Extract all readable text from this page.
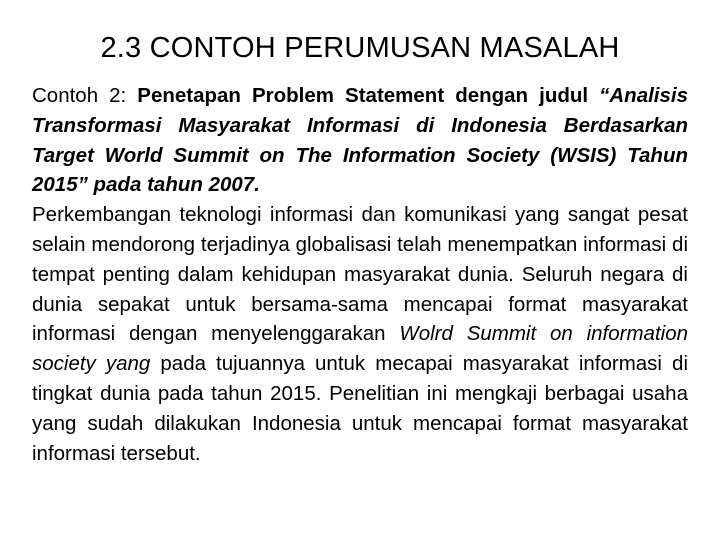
2.3 CONTOH PERUMUSAN MASALAH

Contoh 2: Penetapan Problem Statement dengan judul “Analisis Transformasi Masyarakat Informasi di Indonesia Berdasarkan Target World Summit on The Information Society (WSIS) Tahun 2015” pada tahun 2007.

Perkembangan teknologi informasi dan komunikasi yang sangat pesat selain mendorong terjadinya globalisasi telah menempatkan informasi di tempat penting dalam kehidupan masyarakat dunia. Seluruh negara di dunia sepakat untuk bersama-sama mencapai format masyarakat informasi dengan menyelenggarakan Wolrd Summit on information society yang pada tujuannya untuk mecapai masyarakat informasi di tingkat dunia pada tahun 2015. Penelitian ini mengkaji berbagai usaha yang sudah dilakukan Indonesia untuk mencapai format masyarakat informasi tersebut.
